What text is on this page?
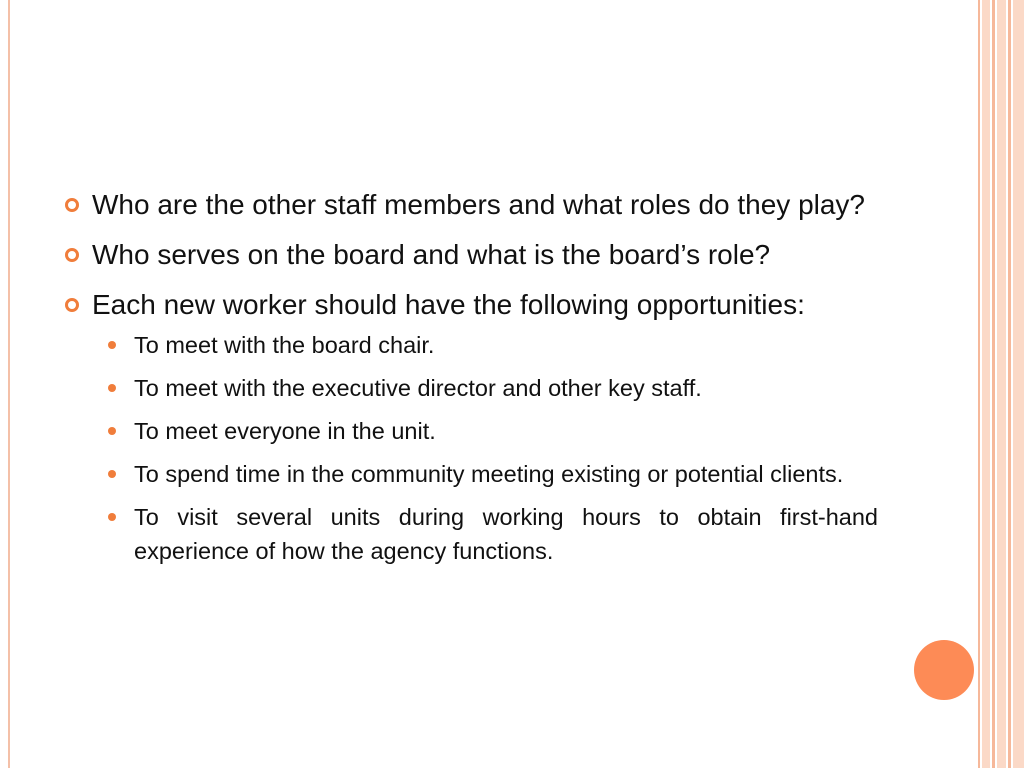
Who are the other staff members and what roles do they play?
Who serves on the board and what is the board’s role?
Each new worker should have the following opportunities:
To meet with the board chair.
To meet with the executive director and other key staff.
To meet everyone in the unit.
To spend time in the community meeting existing or potential clients.
To visit several units during working hours to obtain first-hand experience of how the agency functions.
